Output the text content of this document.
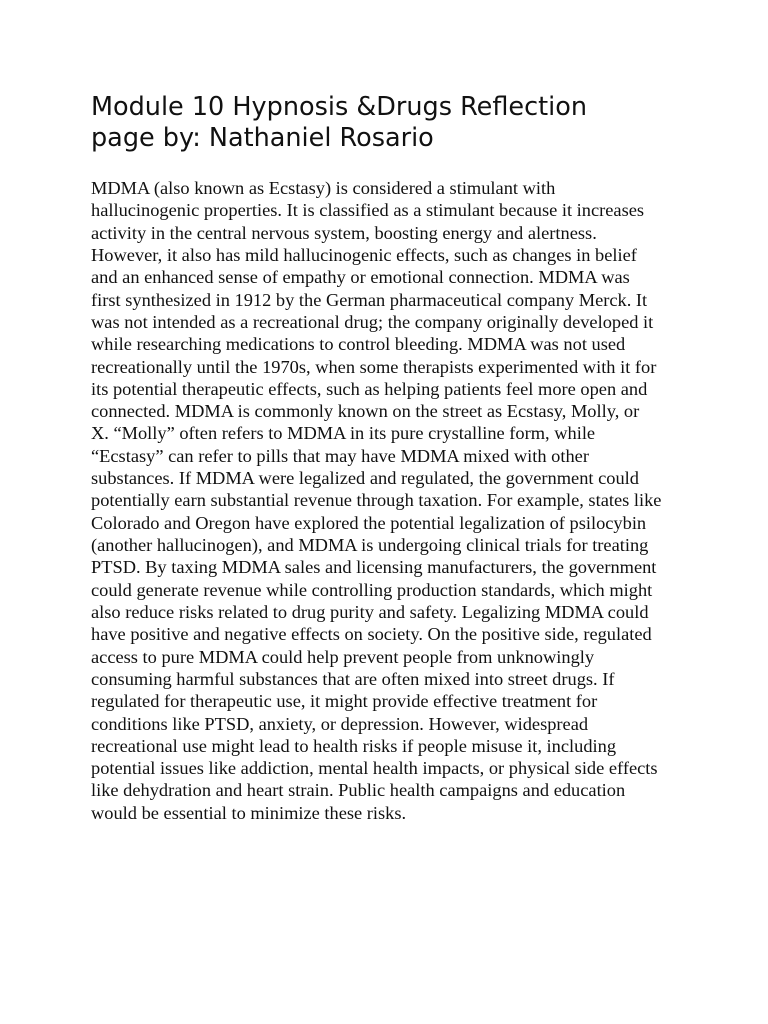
Module 10 Hypnosis &Drugs Reflection
page by: Nathaniel Rosario
MDMA (also known as Ecstasy) is considered a stimulant with
hallucinogenic properties. It is classified as a stimulant because it increases
activity in the central nervous system, boosting energy and alertness.
However, it also has mild hallucinogenic effects, such as changes in belief
and an enhanced sense of empathy or emotional connection. MDMA was
first synthesized in 1912 by the German pharmaceutical company Merck. It
was not intended as a recreational drug; the company originally developed it
while researching medications to control bleeding. MDMA was not used
recreationally until the 1970s, when some therapists experimented with it for
its potential therapeutic effects, such as helping patients feel more open and
connected. MDMA is commonly known on the street as Ecstasy, Molly, or
X. “Molly” often refers to MDMA in its pure crystalline form, while
“Ecstasy” can refer to pills that may have MDMA mixed with other
substances. If MDMA were legalized and regulated, the government could
potentially earn substantial revenue through taxation. For example, states like
Colorado and Oregon have explored the potential legalization of psilocybin
(another hallucinogen), and MDMA is undergoing clinical trials for treating
PTSD. By taxing MDMA sales and licensing manufacturers, the government
could generate revenue while controlling production standards, which might
also reduce risks related to drug purity and safety. Legalizing MDMA could
have positive and negative effects on society. On the positive side, regulated
access to pure MDMA could help prevent people from unknowingly
consuming harmful substances that are often mixed into street drugs. If
regulated for therapeutic use, it might provide effective treatment for
conditions like PTSD, anxiety, or depression. However, widespread
recreational use might lead to health risks if people misuse it, including
potential issues like addiction, mental health impacts, or physical side effects
like dehydration and heart strain. Public health campaigns and education
would be essential to minimize these risks.
